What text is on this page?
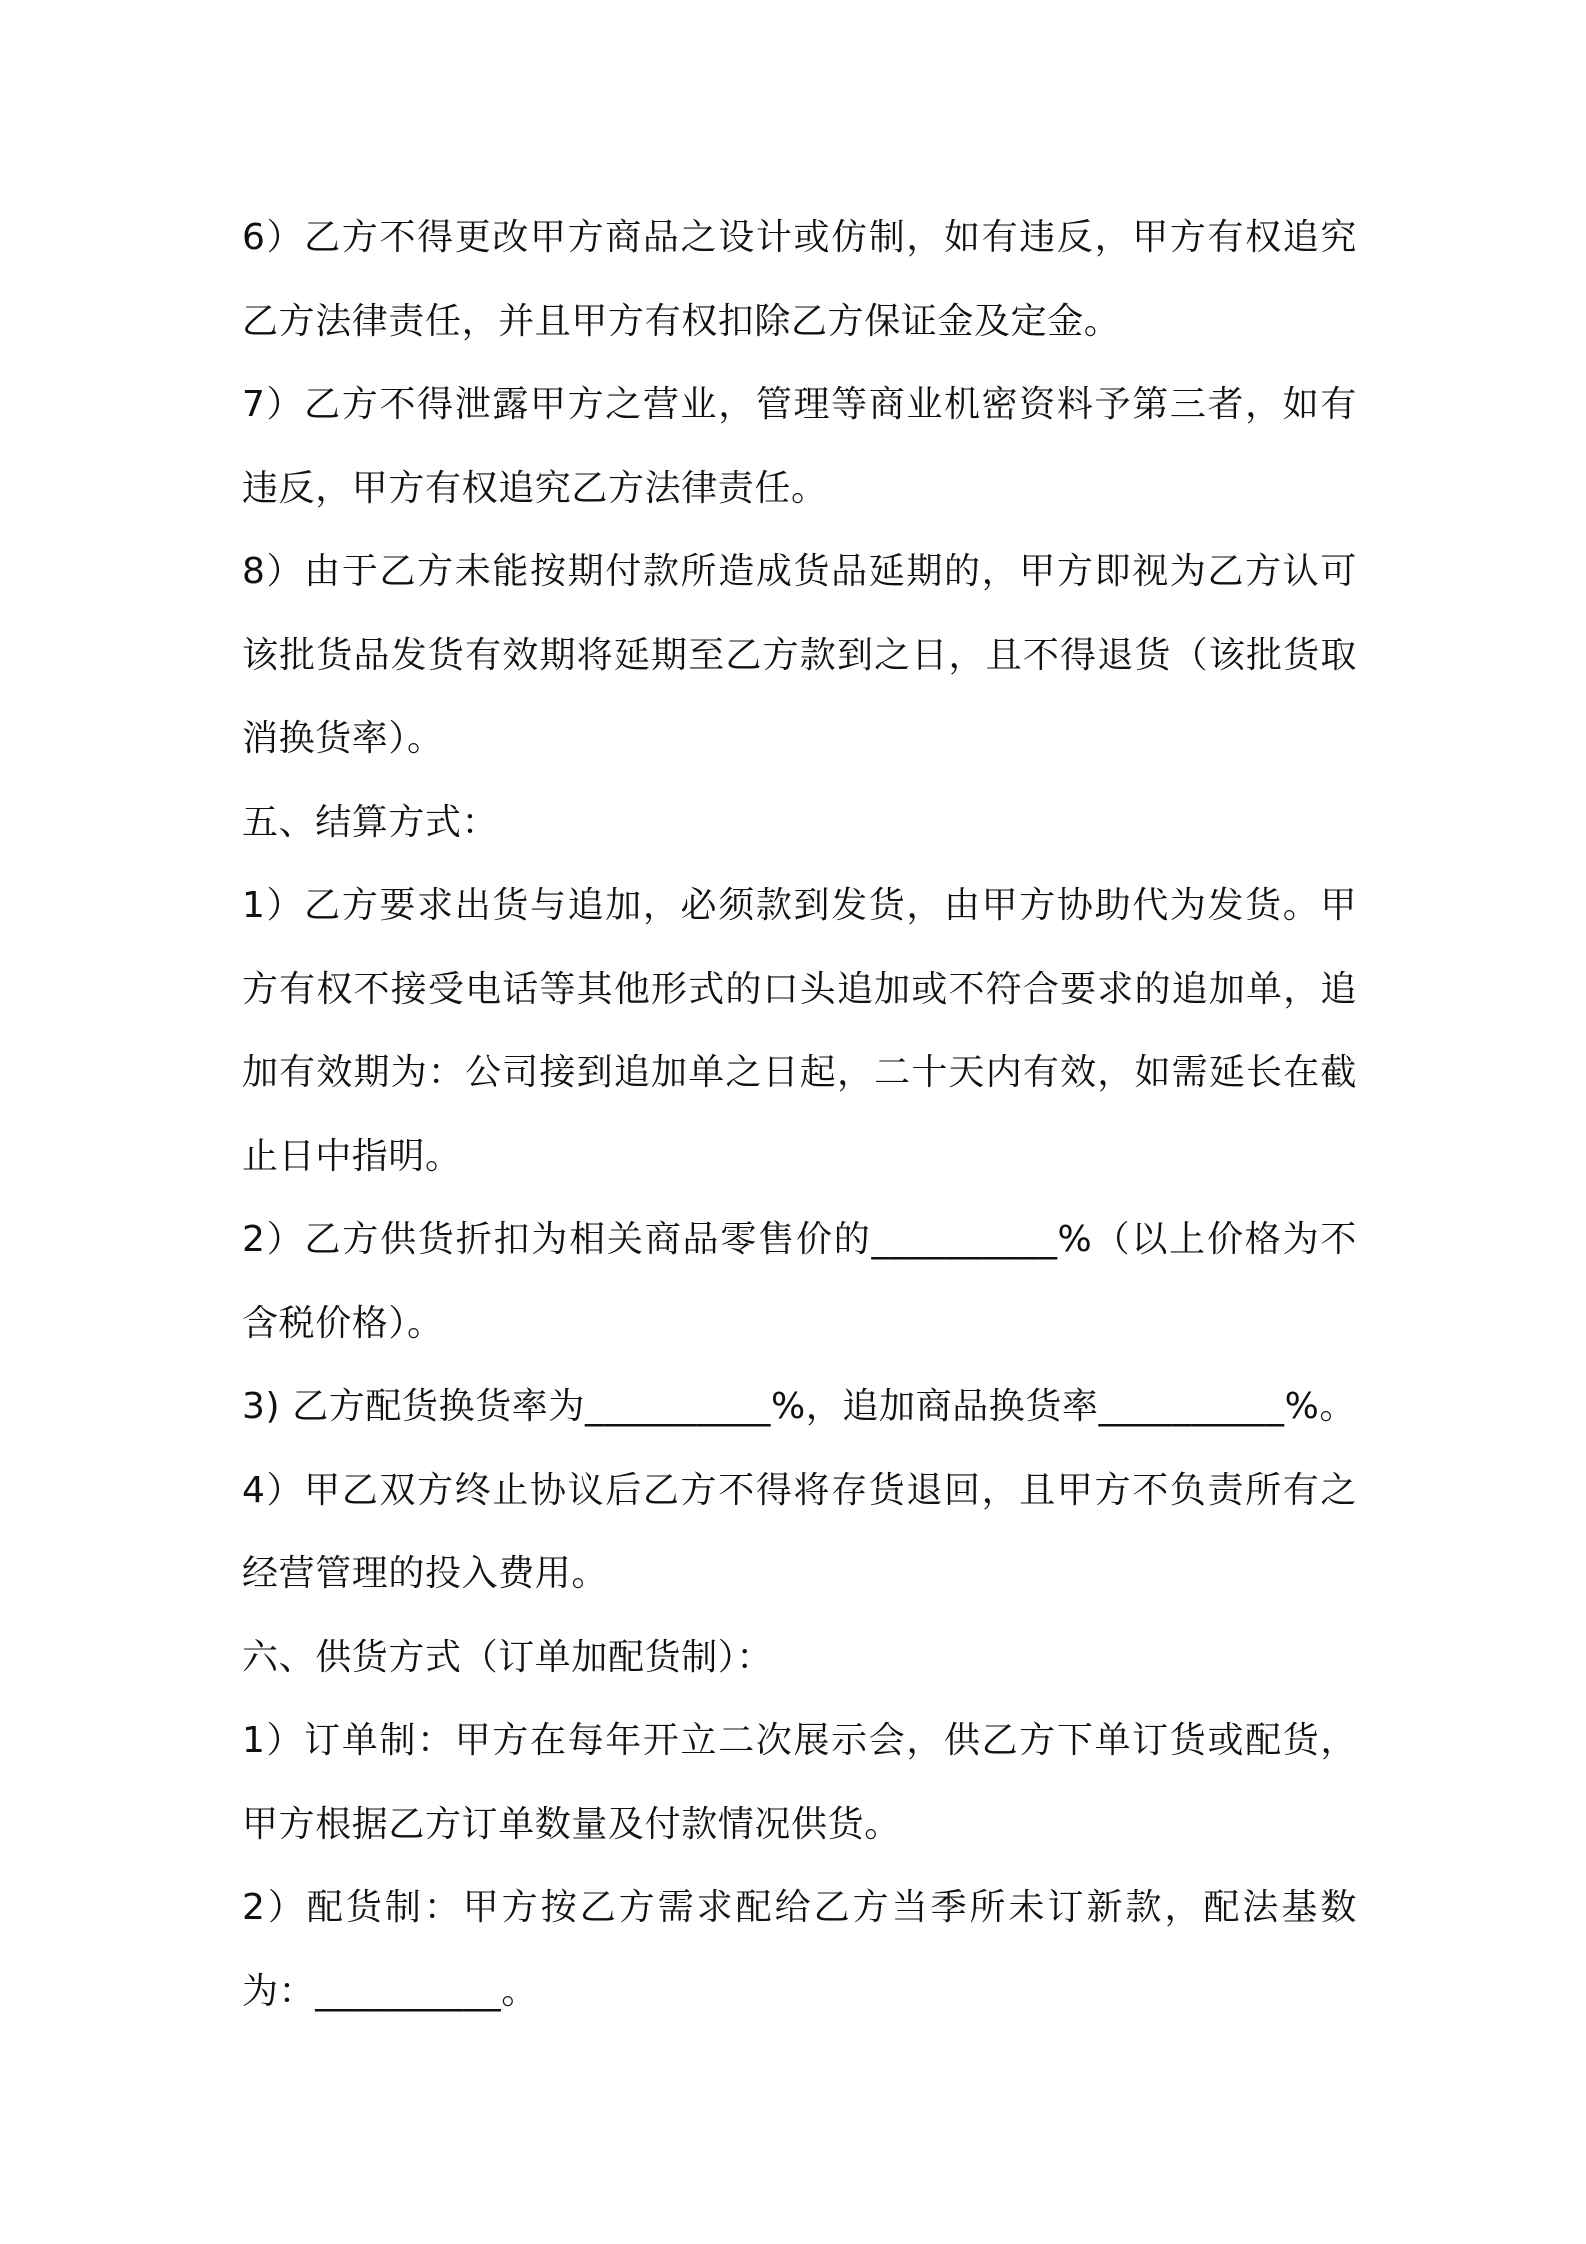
6）乙方不得更改甲方商品之设计或仿制，如有违反，甲方有权追究乙方法律责任，并且甲方有权扣除乙方保证金及定金。

7）乙方不得泄露甲方之营业，管理等商业机密资料予第三者，如有违反，甲方有权追究乙方法律责任。

8）由于乙方未能按期付款所造成货品延期的，甲方即视为乙方认可该批货品发货有效期将延期至乙方款到之日，且不得退货（该批货取消换货率）。

五、结算方式：

1）乙方要求出货与追加，必须款到发货，由甲方协助代为发货。甲方有权不接受电话等其他形式的口头追加或不符合要求的追加单，追加有效期为：公司接到追加单之日起，二十天内有效，如需延长在截止日中指明。

2）乙方供货折扣为相关商品零售价的__________%（以上价格为不含税价格）。

3) 乙方配货换货率为__________%，追加商品换货率__________%。

4）甲乙双方终止协议后乙方不得将存货退回，且甲方不负责所有之经营管理的投入费用。

六、供货方式（订单加配货制）：

1）订单制：甲方在每年开立二次展示会，供乙方下单订货或配货，甲方根据乙方订单数量及付款情况供货。

2）配货制：甲方按乙方需求配给乙方当季所未订新款，配法基数为：__________。
